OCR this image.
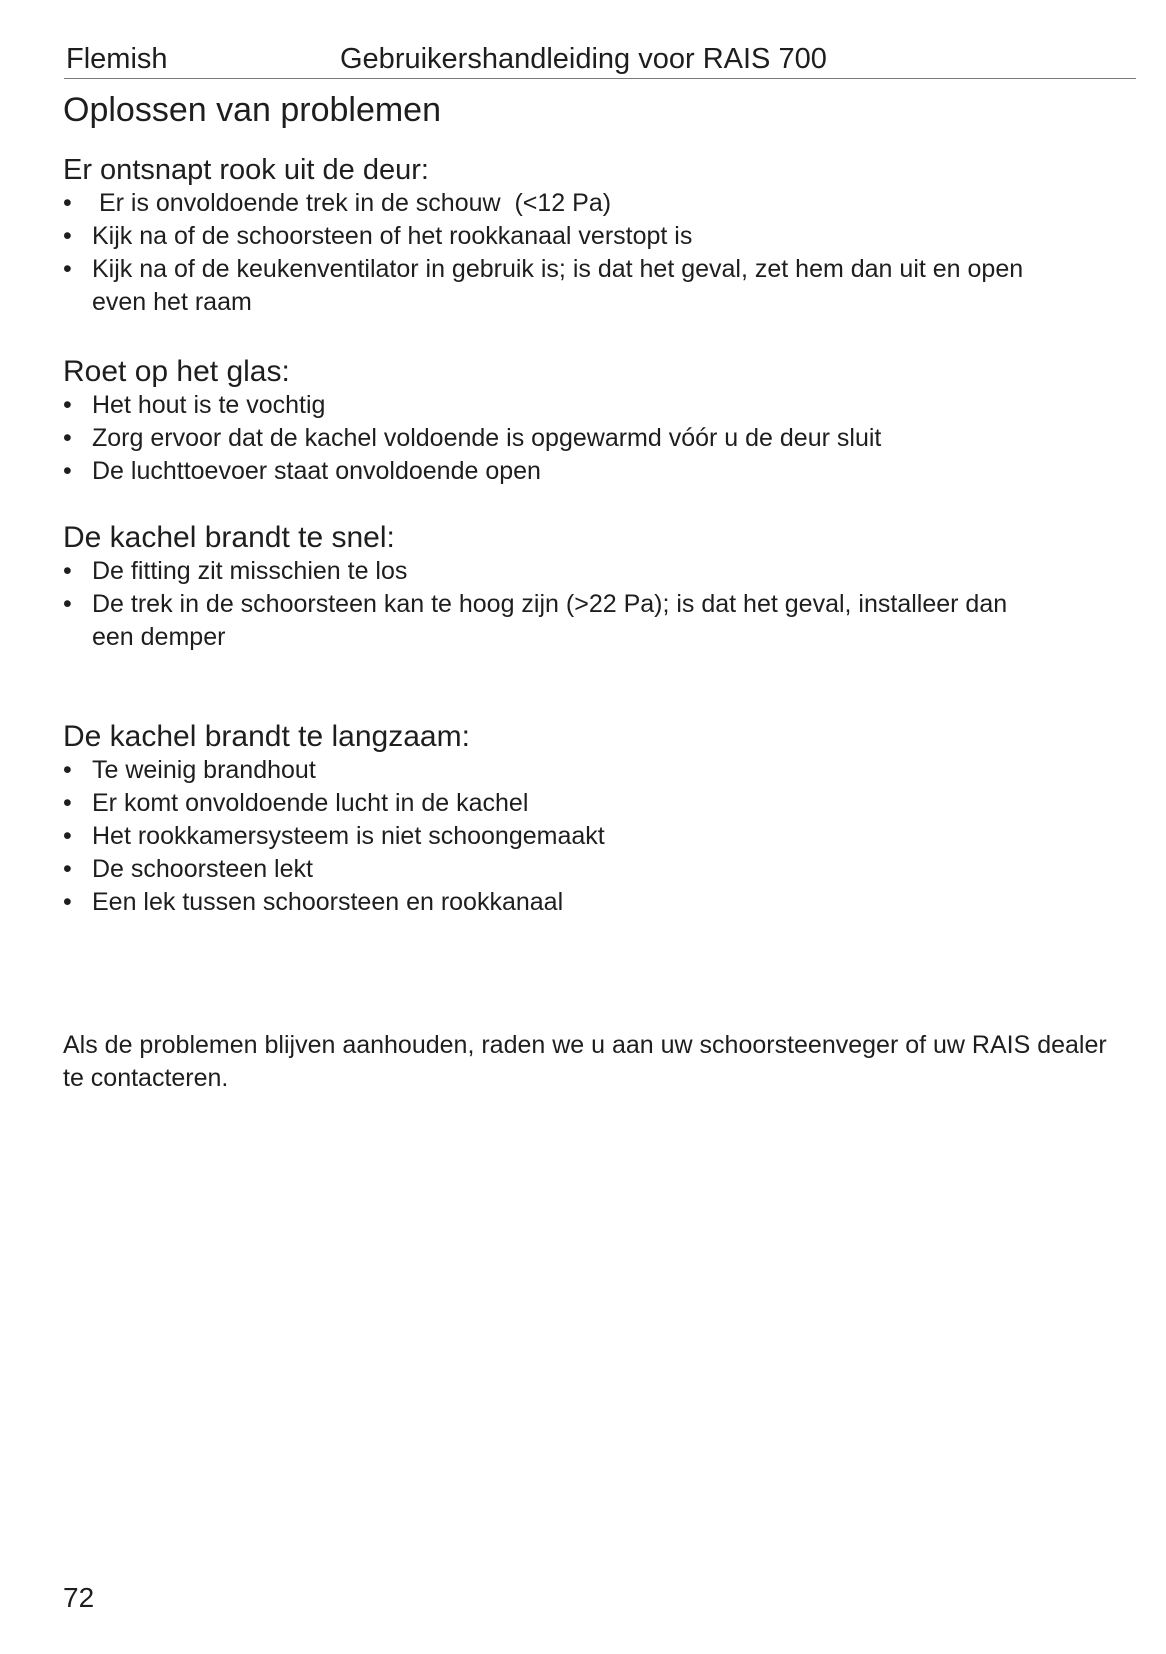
Flemish	Gebruikershandleiding voor RAIS 700
Oplossen van problemen
Er ontsnapt rook uit de deur:
• Er is onvoldoende trek in de schouw  (<12 Pa)
• Kijk na of de schoorsteen of het rookkanaal verstopt is
• Kijk na of de keukenventilator in gebruik is; is dat het geval, zet hem dan uit en open even het raam
Roet op het glas:
• Het hout is te vochtig
• Zorg ervoor dat de kachel voldoende is opgewarmd vóór u de deur sluit
• De luchttoevoer staat onvoldoende open
De kachel brandt te snel:
• De fitting zit misschien te los
• De trek in de schoorsteen kan te hoog zijn (>22 Pa); is dat het geval, installeer dan een demper
De kachel brandt te langzaam:
• Te weinig brandhout
• Er komt onvoldoende lucht in de kachel
• Het rookkamersysteem is niet schoongemaakt
• De schoorsteen lekt
• Een lek tussen schoorsteen en rookkanaal

Als de problemen blijven aanhouden, raden we u aan uw schoorsteenveger of uw RAIS dealer te contacteren.

72
